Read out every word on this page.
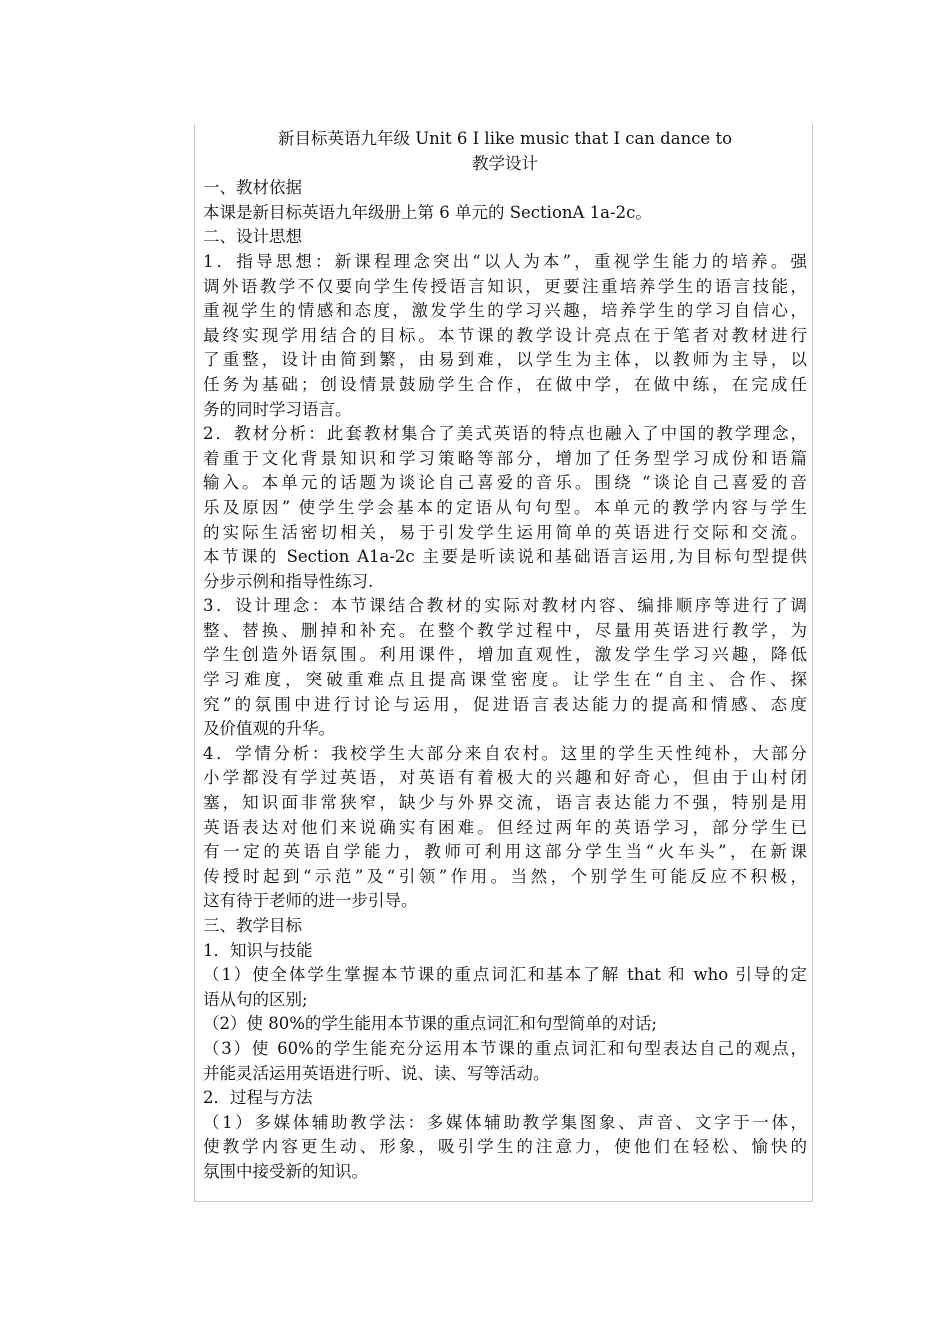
新目标英语九年级 Unit 6 I like music that I can dance to
教学设计
一、教材依据
本课是新目标英语九年级册上第 6 单元的 SectionA 1a-2c。
二、设计思想
1．指导思想：新课程理念突出“以人为本”，重视学生能力的培养。强
调外语教学不仅要向学生传授语言知识，更要注重培养学生的语言技能，
重视学生的情感和态度，激发学生的学习兴趣，培养学生的学习自信心，
最终实现学用结合的目标。本节课的教学设计亮点在于笔者对教材进行
了重整，设计由简到繁，由易到难，以学生为主体，以教师为主导，以
任务为基础；创设情景鼓励学生合作，在做中学，在做中练，在完成任
务的同时学习语言。
2．教材分析：此套教材集合了美式英语的特点也融入了中国的教学理念，
着重于文化背景知识和学习策略等部分，增加了任务型学习成份和语篇
输入。本单元的话题为谈论自己喜爱的音乐。围绕 “谈论自己喜爱的音
乐及原因” 使学生学会基本的定语从句句型。本单元的教学内容与学生
的实际生活密切相关，易于引发学生运用简单的英语进行交际和交流。
本节课的 Section A1a-2c 主要是听读说和基础语言运用,为目标句型提供
分步示例和指导性练习.
3．设计理念：本节课结合教材的实际对教材内容、编排顺序等进行了调
整、替换、删掉和补充。在整个教学过程中，尽量用英语进行教学，为
学生创造外语氛围。利用课件，增加直观性，激发学生学习兴趣，降低
学习难度，突破重难点且提高课堂密度。让学生在“自主、合作、探
究”的氛围中进行讨论与运用，促进语言表达能力的提高和情感、态度
及价值观的升华。
4．学情分析：我校学生大部分来自农村。这里的学生天性纯朴，大部分
小学都没有学过英语，对英语有着极大的兴趣和好奇心，但由于山村闭
塞，知识面非常狭窄，缺少与外界交流，语言表达能力不强，特别是用
英语表达对他们来说确实有困难。但经过两年的英语学习，部分学生已
有一定的英语自学能力，教师可利用这部分学生当“火车头”，在新课
传授时起到“示范”及“引领”作用。当然，个别学生可能反应不积极，
这有待于老师的进一步引导。
三、教学目标
1．知识与技能
（1）使全体学生掌握本节课的重点词汇和基本了解 that 和 who 引导的定
语从句的区别;
（2）使 80%的学生能用本节课的重点词汇和句型简单的对话;
（3）使 60%的学生能充分运用本节课的重点词汇和句型表达自己的观点，
并能灵活运用英语进行听、说、读、写等活动。
2．过程与方法
（1）多媒体辅助教学法：多媒体辅助教学集图象、声音、文字于一体，
使教学内容更生动、形象，吸引学生的注意力，使他们在轻松、愉快的
氛围中接受新的知识。
